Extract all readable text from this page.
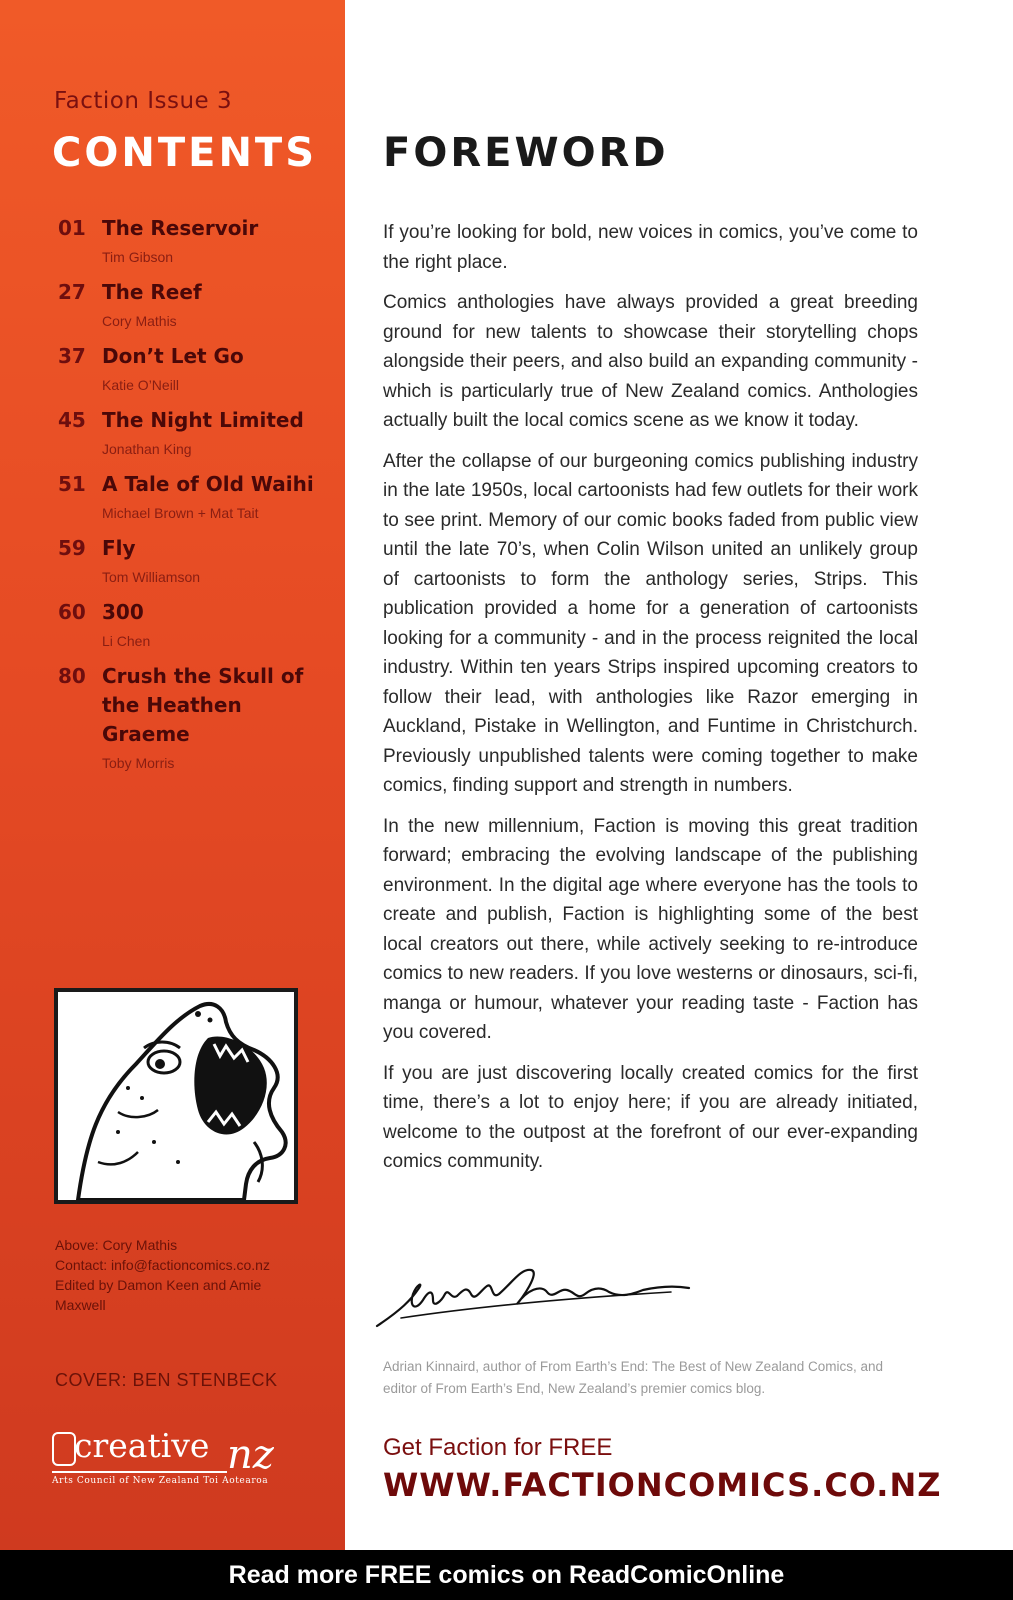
Faction Issue 3
CONTENTS
01 The Reservoir
Tim Gibson
27 The Reef
Cory Mathis
37 Don’t Let Go
Katie O’Neill
45 The Night Limited
Jonathan King
51 A Tale of Old Waihi
Michael Brown + Mat Tait
59 Fly
Tom Williamson
60 300
Li Chen
80 Crush the Skull of the Heathen Graeme
Toby Morris
Above: Cory Mathis
Contact: info@factioncomics.co.nz
Edited by Damon Keen and Amie Maxwell
COVER: BEN STENBECK
creative nz
Arts Council of New Zealand Toi Aotearoa
FOREWORD

If you’re looking for bold, new voices in comics, you’ve come to the right place.

Comics anthologies have always provided a great breeding ground for new talents to showcase their storytelling chops alongside their peers, and also build an expanding community - which is particularly true of New Zealand comics. Anthologies actually built the local comics scene as we know it today.

After the collapse of our burgeoning comics publishing industry in the late 1950s, local cartoonists had few outlets for their work to see print. Memory of our comic books faded from public view until the late 70’s, when Colin Wilson united an unlikely group of cartoonists to form the anthology series, Strips. This publication provided a home for a generation of cartoonists looking for a community - and in the process reignited the local industry. Within ten years Strips inspired upcoming creators to follow their lead, with anthologies like Razor emerging in Auckland, Pistake in Wellington, and Funtime in Christchurch. Previously unpublished talents were coming together to make comics, finding support and strength in numbers.

In the new millennium, Faction is moving this great tradition forward; embracing the evolving landscape of the publishing environment. In the digital age where everyone has the tools to create and publish, Faction is highlighting some of the best local creators out there, while actively seeking to re-introduce comics to new readers. If you love westerns or dinosaurs, sci-fi, manga or humour, whatever your reading taste - Faction has you covered.

If you are just discovering locally created comics for the first time, there’s a lot to enjoy here; if you are already initiated, welcome to the outpost at the forefront of our ever-expanding comics community.

Adrian Kinnaird, author of From Earth’s End: The Best of New Zealand Comics, and editor of From Earth’s End, New Zealand’s premier comics blog.
Get Faction for FREE
WWW.FACTIONCOMICS.CO.NZ
Read more FREE comics on ReadComicOnline
